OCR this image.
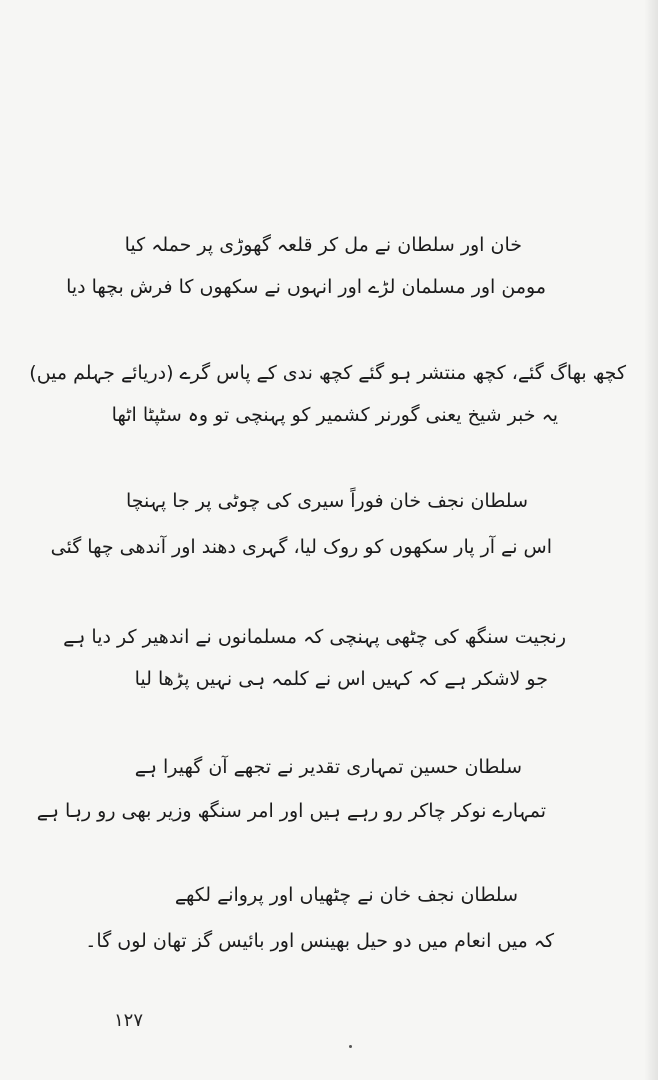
خان اور سلطان نے مل کر قلعہ گھوڑی پر حملہ کیا
مومن اور مسلمان لڑے اور انہوں نے سکھوں کا فرش بچھا دیا
کچھ بھاگ گئے، کچھ منتشر ہو گئے کچھ ندی کے پاس گرے (دریائے جہلم میں)
یہ خبر شیخ یعنی گورنر کشمیر کو پہنچی تو وہ سٹپٹا اٹھا
سلطان نجف خان فوراً سیری کی چوٹی پر جا پہنچا
اس نے آر پار سکھوں کو روک لیا، گہری دھند اور آندھی چھا گئی
رنجیت سنگھ کی چٹھی پہنچی کہ مسلمانوں نے اندھیر کر دیا ہے
جو لاشکر ہے کہ کہیں اس نے کلمہ ہی نہیں پڑھا لیا
سلطان حسین تمہاری تقدیر نے تجھے آن گھیرا ہے
تمہارے نوکر چاکر رو رہے ہیں اور امر سنگھ وزیر بھی رو رہا ہے
سلطان نجف خان نے چٹھیاں اور پروانے لکھے
کہ میں انعام میں دو حیل بھینس اور بائیس گز تھان لوں گا۔
۱۲۷
